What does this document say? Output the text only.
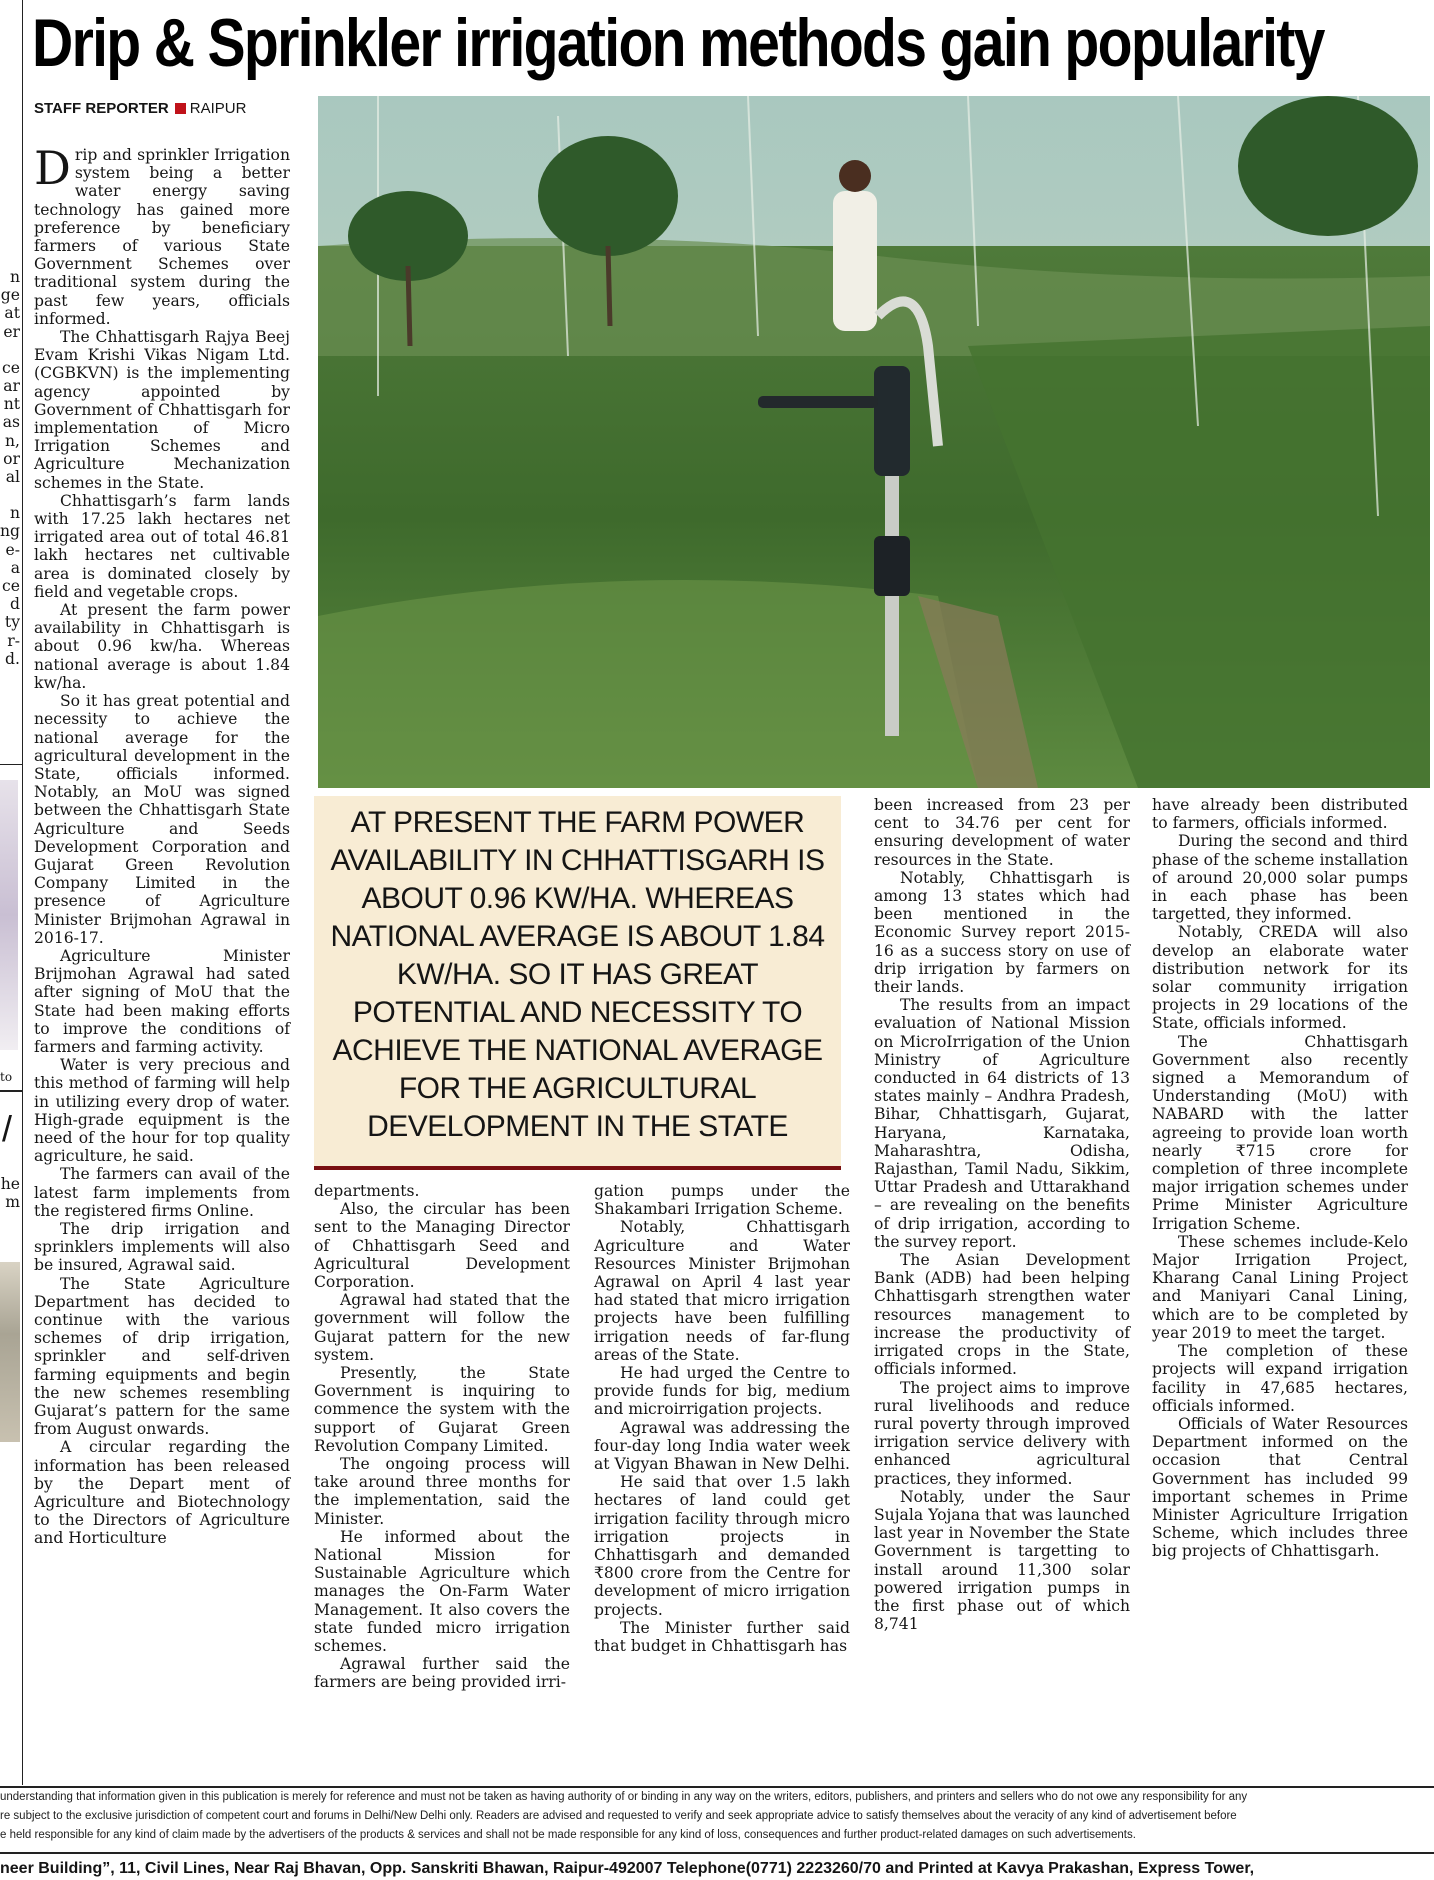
n
ge
at
er
ce
ar
nt
as
n,
or
al
n
ng
e-
a
ce
d
ty
r-
d.
to
/
he
m
Drip & Sprinkler irrigation methods gain popularity
STAFF REPORTER RAIPUR
AT PRESENT THE FARM POWER AVAILABILITY IN CHHATTISGARH IS ABOUT 0.96 KW/HA. WHEREAS NATIONAL AVERAGE IS ABOUT 1.84 KW/HA. SO IT HAS GREAT POTENTIAL AND NECESSITY TO ACHIEVE THE NATIONAL AVERAGE FOR THE AGRICULTURAL DEVELOPMENT IN THE STATE

Drip and sprinkler Irrigation system being a better water energy saving technology has gained more preference by beneficiary farmers of various State Government Schemes over traditional system during the past few years, officials informed.

The Chhattisgarh Rajya Beej Evam Krishi Vikas Nigam Ltd. (CGBKVN) is the implementing agency appointed by Government of Chhattisgarh for implementation of Micro Irrigation Schemes and Agriculture Mechanization schemes in the State.

Chhattisgarh’s farm lands with 17.25 lakh hectares net irrigated area out of total 46.81 lakh hectares net cultivable area is dominated closely by field and vegetable crops.

At present the farm power availability in Chhattisgarh is about 0.96 kw/ha. Whereas national average is about 1.84 kw/ha.

So it has great potential and necessity to achieve the national average for the agricultural development in the State, officials informed. Notably, an MoU was signed between the Chhattisgarh State Agriculture and Seeds Development Corporation and Gujarat Green Revolution Company Limited in the presence of Agriculture Minister Brijmohan Agrawal in 2016-17.

Agriculture Minister Brijmohan Agrawal had sated after signing of MoU that the State had been making efforts to improve the conditions of farmers and farming activity.

Water is very precious and this method of farming will help in utilizing every drop of water. High-grade equipment is the need of the hour for top quality agriculture, he said.

The farmers can avail of the latest farm implements from the registered firms Online.

The drip irrigation and sprinklers implements will also be insured, Agrawal said.

The State Agriculture Department has decided to continue with the various schemes of drip irrigation, sprinkler and self-driven farming equipments and begin the new schemes resembling Gujarat’s pattern for the same from August onwards.

A circular regarding the information has been released by the Depart ment of Agriculture and Biotechnology to the Directors of Agriculture and Horticulture

departments.

Also, the circular has been sent to the Managing Director of Chhattisgarh Seed and Agricultural Development Corporation.

Agrawal had stated that the government will follow the Gujarat pattern for the new system.

Presently, the State Government is inquiring to commence the system with the support of Gujarat Green Revolution Company Limited.

The ongoing process will take around three months for the implementation, said the Minister.

He informed about the National Mission for Sustainable Agriculture which manages the On-Farm Water Management. It also covers the state funded micro irrigation schemes.

Agrawal further said the farmers are being provided irri-

gation pumps under the Shakambari Irrigation Scheme.

Notably, Chhattisgarh Agriculture and Water Resources Minister Brijmohan Agrawal on April 4 last year had stated that micro irrigation projects have been fulfilling irrigation needs of far-flung areas of the State.

He had urged the Centre to provide funds for big, medium and microirrigation projects.

Agrawal was addressing the four-day long India water week at Vigyan Bhawan in New Delhi.

He said that over 1.5 lakh hectares of land could get irrigation facility through micro irrigation projects in Chhattisgarh and demanded ₹800 crore from the Centre for development of micro irrigation projects.

The Minister further said that budget in Chhattisgarh has

been increased from 23 per cent to 34.76 per cent for ensuring development of water resources in the State.

Notably, Chhattisgarh is among 13 states which had been mentioned in the Economic Survey report 2015-16 as a success story on use of drip irrigation by farmers on their lands.

The results from an impact evaluation of National Mission on MicroIrrigation of the Union Ministry of Agriculture conducted in 64 districts of 13 states mainly – Andhra Pradesh, Bihar, Chhattisgarh, Gujarat, Haryana, Karnataka, Maharashtra, Odisha, Rajasthan, Tamil Nadu, Sikkim, Uttar Pradesh and Uttarakhand – are revealing on the benefits of drip irrigation, according to the survey report.

The Asian Development Bank (ADB) had been helping Chhattisgarh strengthen water resources management to increase the productivity of irrigated crops in the State, officials informed.

The project aims to improve rural livelihoods and reduce rural poverty through improved irrigation service delivery with enhanced agricultural practices, they informed.

Notably, under the Saur Sujala Yojana that was launched last year in November the State Government is targetting to install around 11,300 solar powered irrigation pumps in the first phase out of which 8,741

have already been distributed to farmers, officials informed.

During the second and third phase of the scheme installation of around 20,000 solar pumps in each phase has been targetted, they informed.

Notably, CREDA will also develop an elaborate water distribution network for its solar community irrigation projects in 29 locations of the State, officials informed.

The Chhattisgarh Government also recently signed a Memorandum of Understanding (MoU) with NABARD with the latter agreeing to provide loan worth nearly ₹715 crore for completion of three incomplete major irrigation schemes under Prime Minister Agriculture Irrigation Scheme.

These schemes include-Kelo Major Irrigation Project, Kharang Canal Lining Project and Maniyari Canal Lining, which are to be completed by year 2019 to meet the target.

The completion of these projects will expand irrigation facility in 47,685 hectares, officials informed.

Officials of Water Resources Department informed on the occasion that Central Government has included 99 important schemes in Prime Minister Agriculture Irrigation Scheme, which includes three big projects of Chhattisgarh.

understanding that information given in this publication is merely for reference and must not be taken as having authority of or binding in any way on the writers, editors, publishers, and printers and sellers who do not owe any responsibility for any
re subject to the exclusive jurisdiction of competent court and forums in Delhi/New Delhi only. Readers are advised and requested to verify and seek appropriate advice to satisfy themselves about the veracity of any kind of advertisement before
e held responsible for any kind of claim made by the advertisers of the products & services and shall not be made responsible for any kind of loss, consequences and further product-related damages on such advertisements.
neer Building”, 11, Civil Lines, Near Raj Bhavan, Opp. Sanskriti Bhawan, Raipur-492007 Telephone(0771) 2223260/70 and Printed at Kavya Prakashan, Express Tower,
